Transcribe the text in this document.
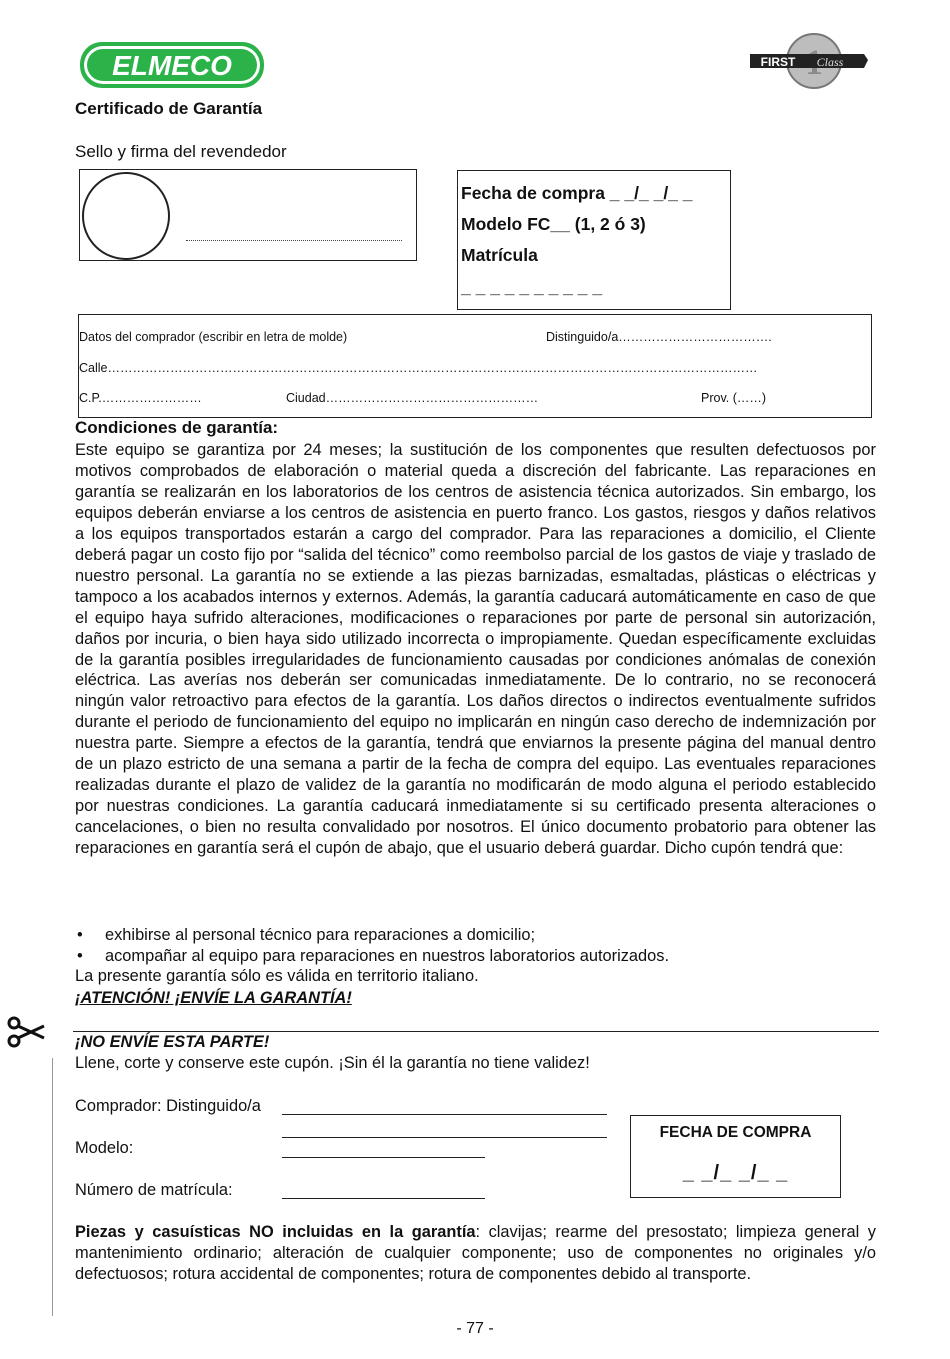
ELMECO	FIRST Class
Certificado de Garantía
Sello y firma del revendedor
Fecha de compra _ _/_ _/_ _
Modelo FC__ (1, 2 ó 3)
Matrícula
_ _ _ _ _ _ _ _ _ _
Datos del comprador (escribir en letra de molde)	Distinguido/a……………………………….
Calle…………………………………………………………………………………………………………………………………………
C.P.……………………	Ciudad……………………………………………	Prov. (……)
Condiciones de garantía:
Este equipo se garantiza por 24 meses; la sustitución de los componentes que resulten defectuosos por motivos comprobados de elaboración o material queda a discreción del fabricante. Las reparaciones en garantía se realizarán en los laboratorios de los centros de asistencia técnica autorizados. Sin embargo, los equipos deberán enviarse a los centros de asistencia en puerto franco. Los gastos, riesgos y daños relativos a los equipos transportados estarán a cargo del comprador. Para las reparaciones a domicilio, el Cliente deberá pagar un costo fijo por “salida del técnico” como reembolso parcial de los gastos de viaje y traslado de nuestro personal. La garantía no se extiende a las piezas barnizadas, esmaltadas, plásticas o eléctricas y tampoco a los acabados internos y externos. Además, la garantía caducará automáticamente en caso de que el equipo haya sufrido alteraciones, modificaciones o reparaciones por parte de personal sin autorización, daños por incuria, o bien haya sido utilizado incorrecta o impropiamente. Quedan específicamente excluidas de la garantía posibles irregularidades de funcionamiento causadas por condiciones anómalas de conexión eléctrica. Las averías nos deberán ser comunicadas inmediatamente. De lo contrario, no se reconocerá ningún valor retroactivo para efectos de la garantía. Los daños directos o indirectos eventualmente sufridos durante el periodo de funcionamiento del equipo no implicarán en ningún caso derecho de indemnización por nuestra parte. Siempre a efectos de la garantía, tendrá que enviarnos la presente página del manual dentro de un plazo estricto de una semana a partir de la fecha de compra del equipo. Las eventuales reparaciones realizadas durante el plazo de validez de la garantía no modificarán de modo alguna el periodo establecido por nuestras condiciones. La garantía caducará inmediatamente si su certificado presenta alteraciones o cancelaciones, o bien no resulta convalidado por nosotros. El único documento probatorio para obtener las reparaciones en garantía será el cupón de abajo, que el usuario deberá guardar. Dicho cupón tendrá que:
• exhibirse al personal técnico para reparaciones a domicilio;
• acompañar al equipo para reparaciones en nuestros laboratorios autorizados.
La presente garantía sólo es válida en territorio italiano.
¡ATENCIÓN! ¡ENVÍE LA GARANTÍA!
¡NO ENVÍE ESTA PARTE!
Llene, corte y conserve este cupón. ¡Sin él la garantía no tiene validez!
Comprador: Distinguido/a
Modelo:
Número de matrícula:
FECHA DE COMPRA
_ _/_ _/_ _
Piezas y casuísticas NO incluidas en la garantía: clavijas; rearme del presostato; limpieza general y mantenimiento ordinario; alteración de cualquier componente; uso de componentes no originales y/o defectuosos; rotura accidental de componentes; rotura de componentes debido al transporte.
- 77 -
